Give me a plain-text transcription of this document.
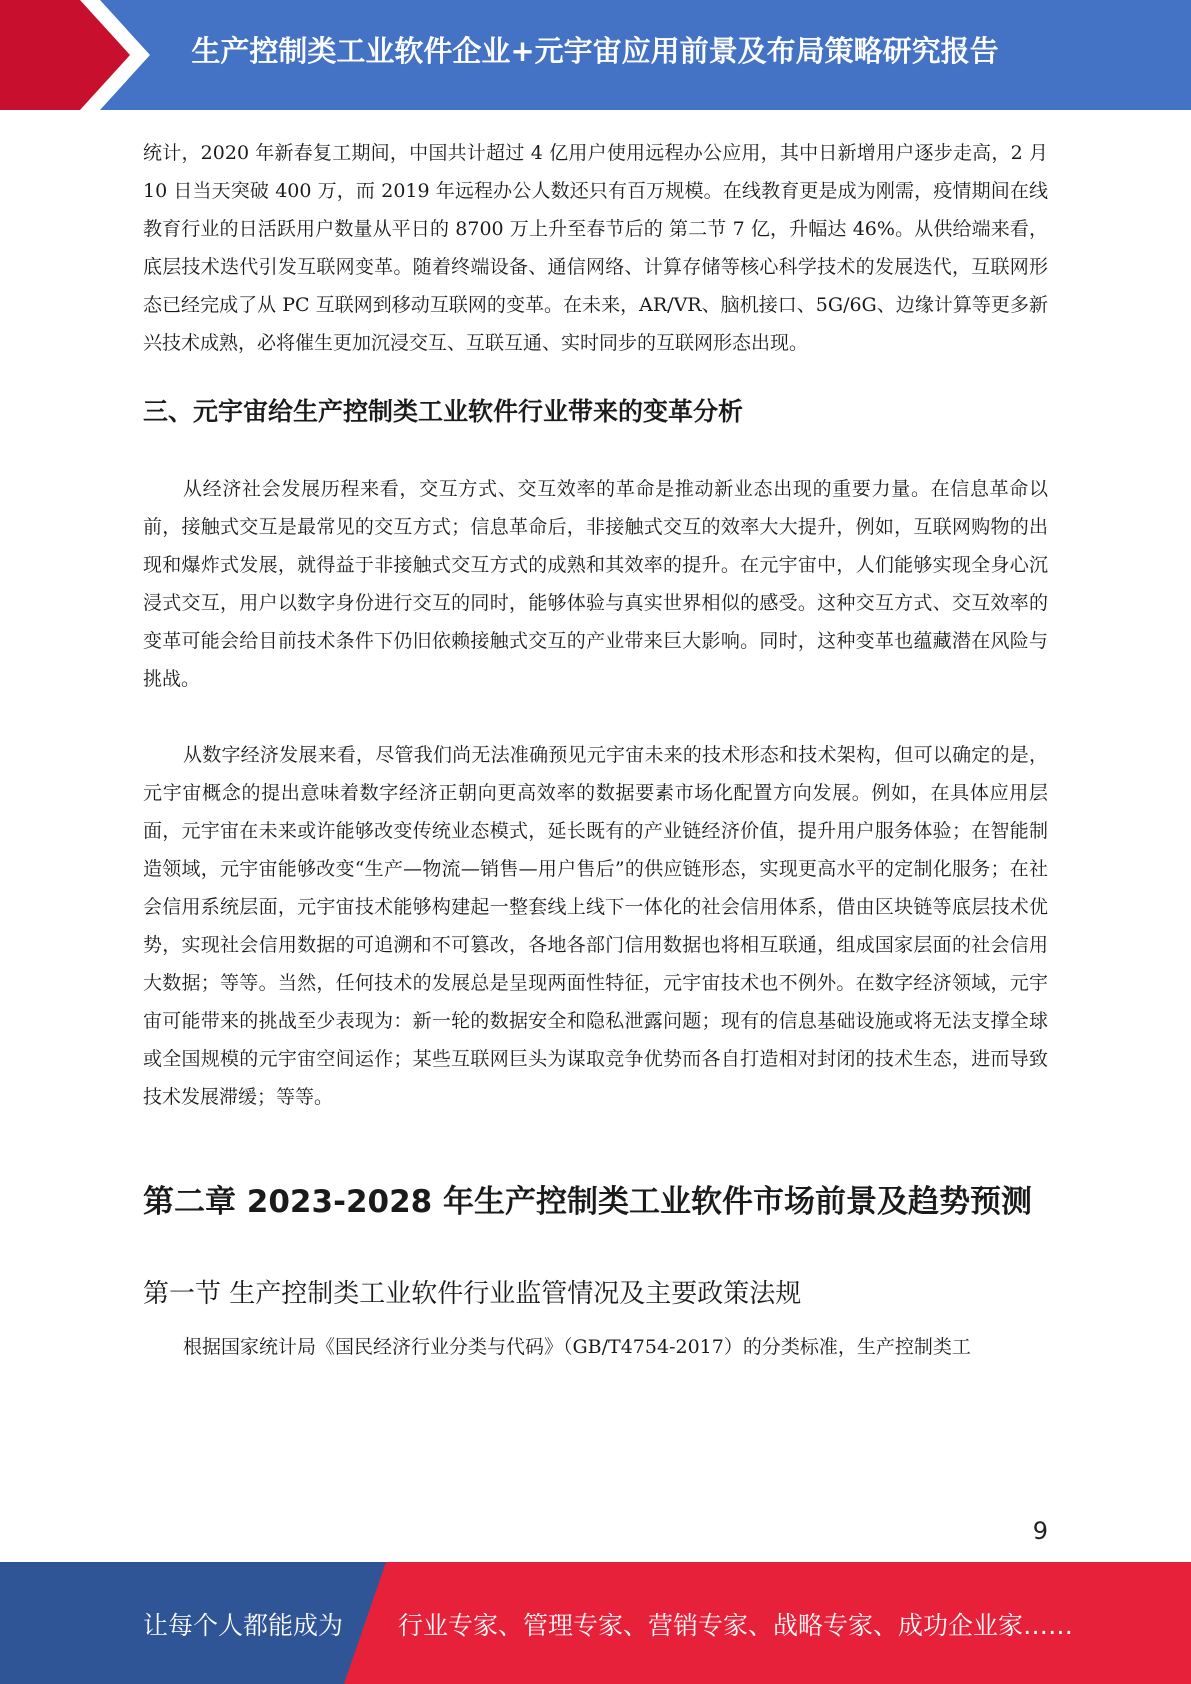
生产控制类工业软件企业+元宇宙应用前景及布局策略研究报告

统计，2020 年新春复工期间，中国共计超过 4 亿用户使用远程办公应用，其中日新增用户逐步走高，2 月 10 日当天突破 400 万，而 2019 年远程办公人数还只有百万规模。在线教育更是成为刚需，疫情期间在线教育行业的日活跃用户数量从平日的 8700 万上升至春节后的 第二节 7 亿，升幅达 46%。从供给端来看，底层技术迭代引发互联网变革。随着终端设备、通信网络、计算存储等核心科学技术的发展迭代，互联网形态已经完成了从 PC 互联网到移动互联网的变革。在未来，AR/VR、脑机接口、5G/6G、边缘计算等更多新兴技术成熟，必将催生更加沉浸交互、互联互通、实时同步的互联网形态出现。

三、元宇宙给生产控制类工业软件行业带来的变革分析

从经济社会发展历程来看，交互方式、交互效率的革命是推动新业态出现的重要力量。在信息革命以前，接触式交互是最常见的交互方式；信息革命后，非接触式交互的效率大大提升，例如，互联网购物的出现和爆炸式发展，就得益于非接触式交互方式的成熟和其效率的提升。在元宇宙中，人们能够实现全身心沉浸式交互，用户以数字身份进行交互的同时，能够体验与真实世界相似的感受。这种交互方式、交互效率的变革可能会给目前技术条件下仍旧依赖接触式交互的产业带来巨大影响。同时，这种变革也蕴藏潜在风险与挑战。

从数字经济发展来看，尽管我们尚无法准确预见元宇宙未来的技术形态和技术架构，但可以确定的是，元宇宙概念的提出意味着数字经济正朝向更高效率的数据要素市场化配置方向发展。例如，在具体应用层面，元宇宙在未来或许能够改变传统业态模式，延长既有的产业链经济价值，提升用户服务体验；在智能制造领域，元宇宙能够改变“生产—物流—销售—用户售后”的供应链形态，实现更高水平的定制化服务；在社会信用系统层面，元宇宙技术能够构建起一整套线上线下一体化的社会信用体系，借由区块链等底层技术优势，实现社会信用数据的可追溯和不可篡改，各地各部门信用数据也将相互联通，组成国家层面的社会信用大数据；等等。当然，任何技术的发展总是呈现两面性特征，元宇宙技术也不例外。在数字经济领域，元宇宙可能带来的挑战至少表现为：新一轮的数据安全和隐私泄露问题；现有的信息基础设施或将无法支撑全球或全国规模的元宇宙空间运作；某些互联网巨头为谋取竞争优势而各自打造相对封闭的技术生态，进而导致技术发展滞缓；等等。

第二章 2023-2028 年生产控制类工业软件市场前景及趋势预测
第一节 生产控制类工业软件行业监管情况及主要政策法规

根据国家统计局《国民经济行业分类与代码》（GB/T4754-2017）的分类标准，生产控制类工

9
让每个人都能成为 行业专家、管理专家、营销专家、战略专家、成功企业家……
